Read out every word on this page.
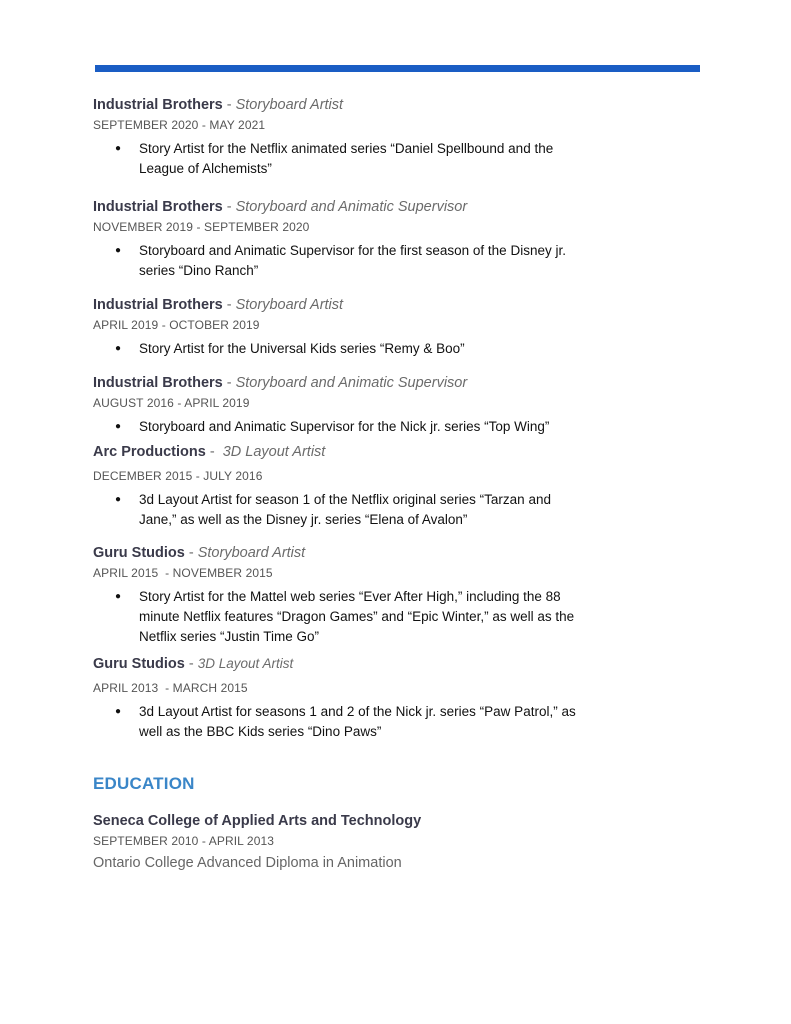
Industrial Brothers - Storyboard Artist
SEPTEMBER 2020 - MAY 2021
● Story Artist for the Netflix animated series “Daniel Spellbound and the League of Alchemists”
Industrial Brothers - Storyboard and Animatic Supervisor
NOVEMBER 2019 - SEPTEMBER 2020
● Storyboard and Animatic Supervisor for the first season of the Disney jr. series “Dino Ranch”
Industrial Brothers - Storyboard Artist
APRIL 2019 - OCTOBER 2019
● Story Artist for the Universal Kids series “Remy & Boo”
Industrial Brothers - Storyboard and Animatic Supervisor
AUGUST 2016 - APRIL 2019
● Storyboard and Animatic Supervisor for the Nick jr. series “Top Wing”
Arc Productions -  3D Layout Artist
DECEMBER 2015 - JULY 2016
● 3d Layout Artist for season 1 of the Netflix original series “Tarzan and Jane,” as well as the Disney jr. series “Elena of Avalon”
Guru Studios - Storyboard Artist
APRIL 2015  - NOVEMBER 2015
● Story Artist for the Mattel web series “Ever After High,” including the 88 minute Netflix features “Dragon Games” and “Epic Winter,” as well as the Netflix series “Justin Time Go”
Guru Studios - 3D Layout Artist
APRIL 2013  - MARCH 2015
● 3d Layout Artist for seasons 1 and 2 of the Nick jr. series “Paw Patrol,” as well as the BBC Kids series “Dino Paws”
EDUCATION
Seneca College of Applied Arts and Technology
SEPTEMBER 2010 - APRIL 2013
Ontario College Advanced Diploma in Animation
